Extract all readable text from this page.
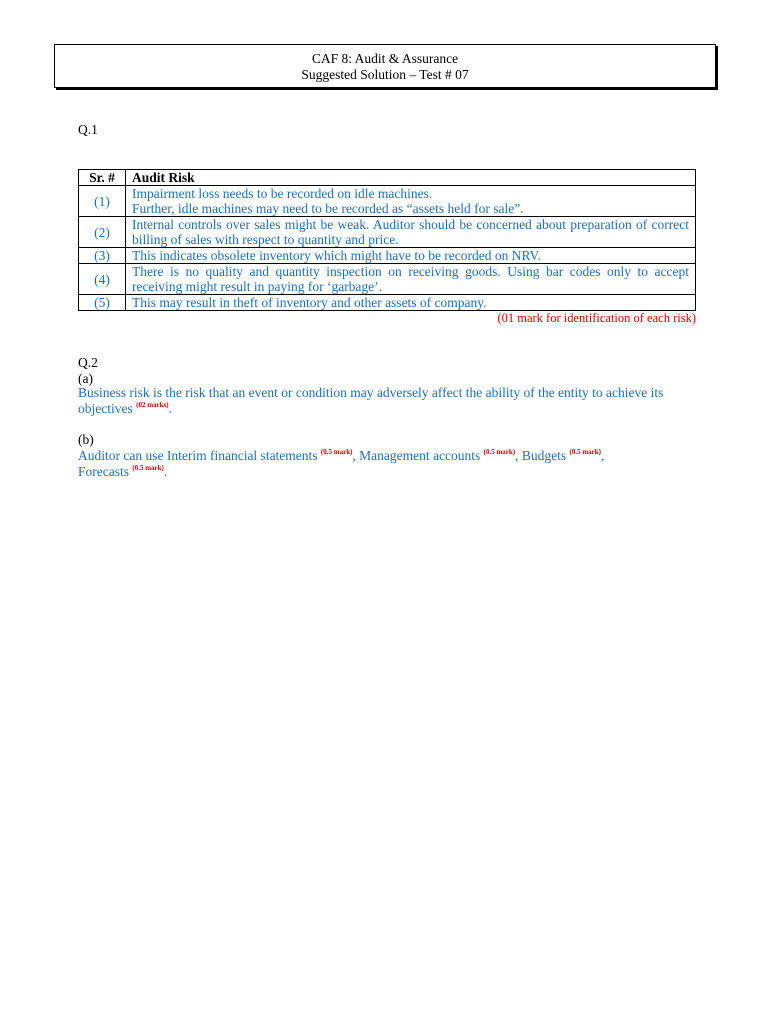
CAF 8: Audit & Assurance
Suggested Solution – Test # 07
Q.1
Sr. #	Audit Risk
(1)	Impairment loss needs to be recorded on idle machines.
Further, idle machines may need to be recorded as “assets held for sale”.

(2)	Internal controls over sales might be weak. Auditor should be concerned about preparation of correct billing of sales with respect to quantity and price.

(3)	This indicates obsolete inventory which might have to be recorded on NRV.

(4)	There is no quality and quantity inspection on receiving goods. Using bar codes only to accept receiving might result in paying for ‘garbage’.

(5)	This may result in theft of inventory and other assets of company.
(01 mark for identification of each risk)
Q.2
(a)
Business risk is the risk that an event or condition may adversely affect the ability of the entity to achieve its objectives $^{(02 marks)}$.
(b)
Auditor can use Interim financial statements $^{(0.5 mark)}$, Management accounts $^{(0.5 mark)}$, Budgets $^{(0.5 mark)}$,
Forecasts $^{(0.5 mark)}$.
